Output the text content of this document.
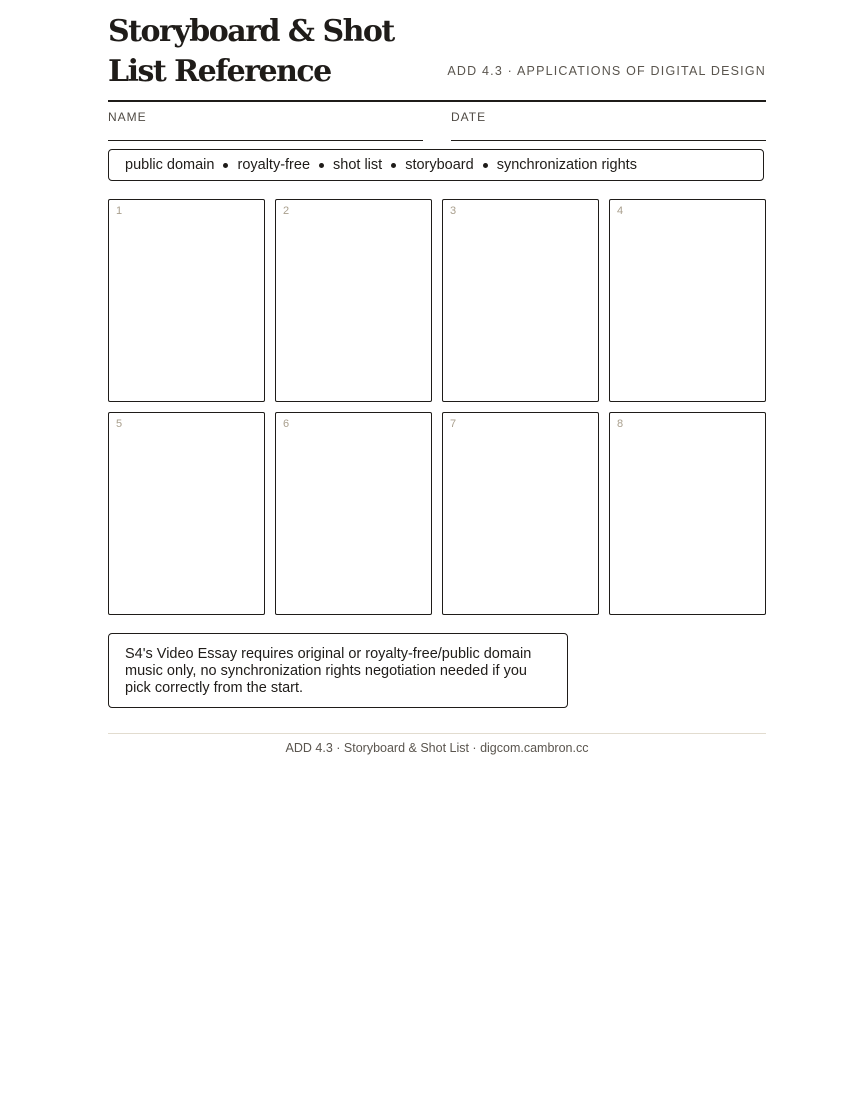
Storyboard & Shot List Reference	ADD 4.3 · APPLICATIONS OF DIGITAL DESIGN
NAME	DATE
public domain royalty-free shot list storyboard synchronization rights
1	2	3	4
5	6	7	8
S4's Video Essay requires original or royalty-free/public domain music only, no synchronization rights negotiation needed if you pick correctly from the start.
ADD 4.3 · Storyboard & Shot List · digcom.cambron.cc
